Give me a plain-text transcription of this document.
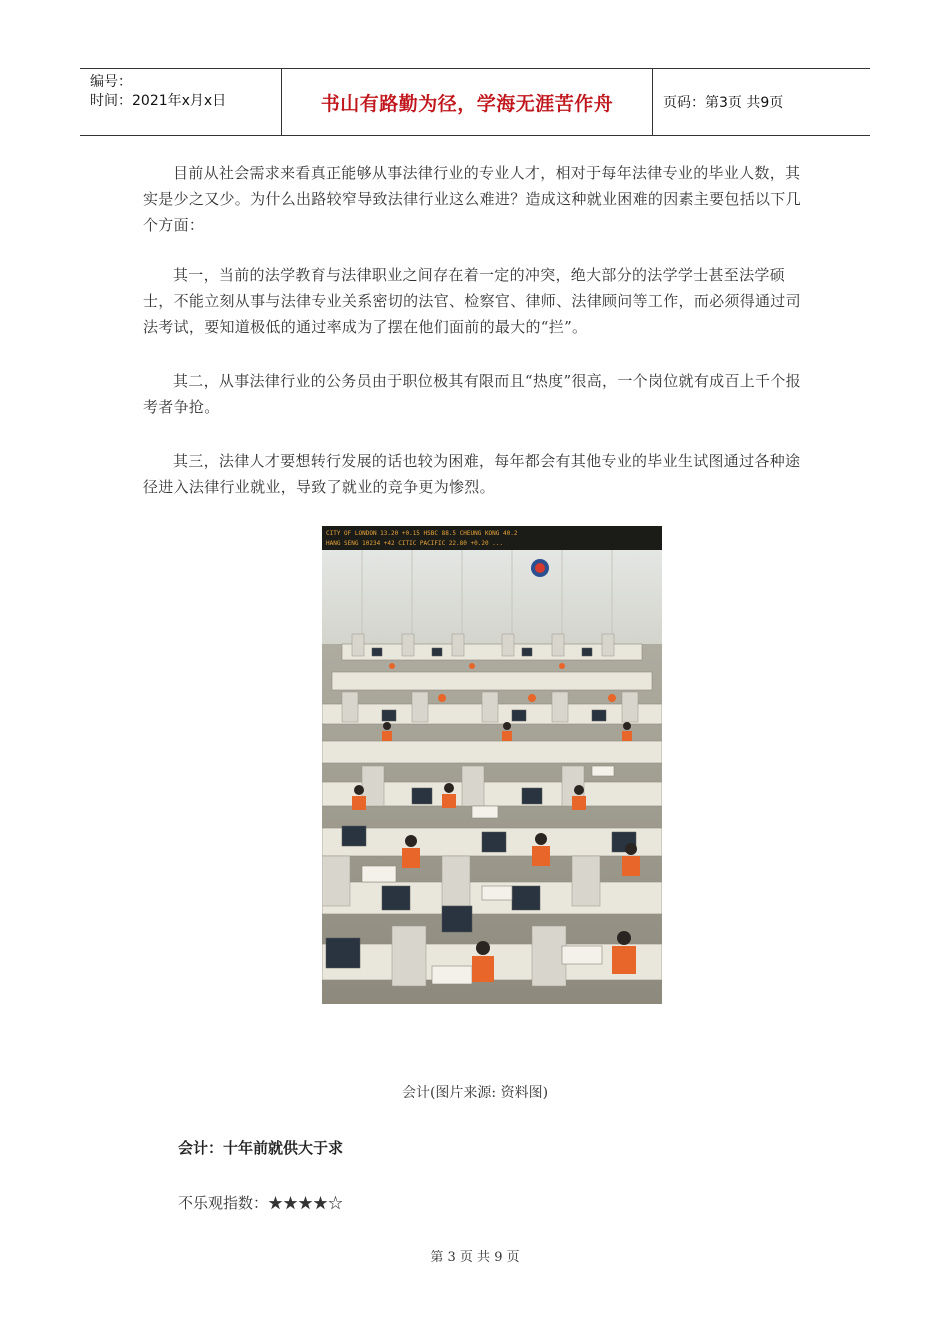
编号：
时间：2021年x月x日	书山有路勤为径，学海无涯苦作舟	页码：第3页 共9页

目前从社会需求来看真正能够从事法律行业的专业人才，相对于每年法律专业的毕业人数，其实是少之又少。为什么出路较窄导致法律行业这么难进？造成这种就业困难的因素主要包括以下几个方面：

其一，当前的法学教育与法律职业之间存在着一定的冲突，绝大部分的法学学士甚至法学硕士，不能立刻从事与法律专业关系密切的法官、检察官、律师、法律顾问等工作，而必须得通过司法考试，要知道极低的通过率成为了摆在他们面前的最大的“拦”。

其二，从事法律行业的公务员由于职位极其有限而且“热度”很高，一个岗位就有成百上千个报考者争抢。

其三，法律人才要想转行发展的话也较为困难，每年都会有其他专业的毕业生试图通过各种途径进入法律行业就业，导致了就业的竞争更为惨烈。

CITY OF LONDON 13.20 +0.15 HSBC 88.5 CHEUNG KONG 40.2
HANG SENG 10234 +42 CITIC PACIFIC 22.80 +0.20 ...
会计(图片来源: 资料图)
会计：十年前就供大于求
不乐观指数：★★★★☆
第 3 页 共 9 页
